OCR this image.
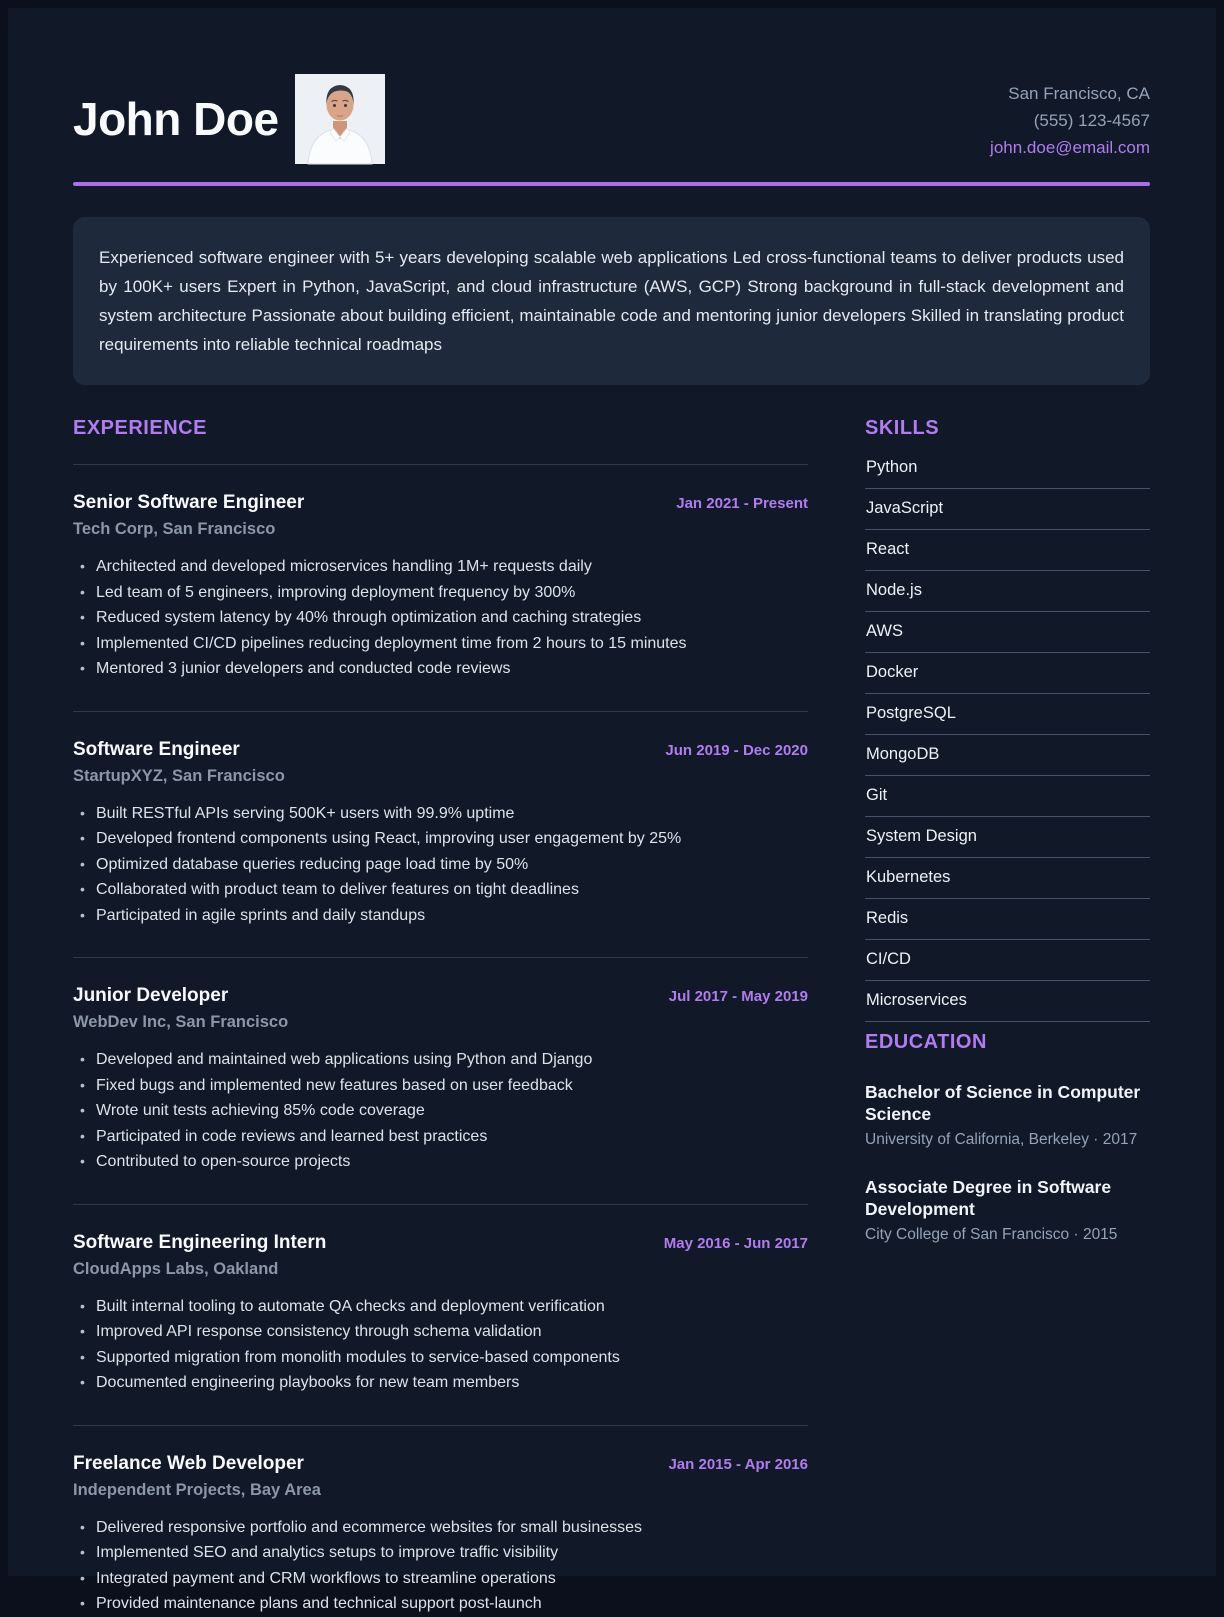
John Doe	San Francisco, CA
(555) 123-4567
john.doe@email.com

Experienced software engineer with 5+ years developing scalable web applications Led cross-functional teams to deliver products used by 100K+ users Expert in Python, JavaScript, and cloud infrastructure (AWS, GCP) Strong background in full-stack development and system architecture Passionate about building efficient, maintainable code and mentoring junior developers Skilled in translating product requirements into reliable technical roadmaps

EXPERIENCE
Senior Software Engineer	Jan 2021 - Present
Tech Corp, San Francisco
• Architected and developed microservices handling 1M+ requests daily
• Led team of 5 engineers, improving deployment frequency by 300%
• Reduced system latency by 40% through optimization and caching strategies
• Implemented CI/CD pipelines reducing deployment time from 2 hours to 15 minutes
• Mentored 3 junior developers and conducted code reviews
Software Engineer	Jun 2019 - Dec 2020
StartupXYZ, San Francisco
• Built RESTful APIs serving 500K+ users with 99.9% uptime
• Developed frontend components using React, improving user engagement by 25%
• Optimized database queries reducing page load time by 50%
• Collaborated with product team to deliver features on tight deadlines
• Participated in agile sprints and daily standups
Junior Developer	Jul 2017 - May 2019
WebDev Inc, San Francisco
• Developed and maintained web applications using Python and Django
• Fixed bugs and implemented new features based on user feedback
• Wrote unit tests achieving 85% code coverage
• Participated in code reviews and learned best practices
• Contributed to open-source projects
Software Engineering Intern	May 2016 - Jun 2017
CloudApps Labs, Oakland
• Built internal tooling to automate QA checks and deployment verification
• Improved API response consistency through schema validation
• Supported migration from monolith modules to service-based components
• Documented engineering playbooks for new team members
Freelance Web Developer	Jan 2015 - Apr 2016
Independent Projects, Bay Area
• Delivered responsive portfolio and ecommerce websites for small businesses
• Implemented SEO and analytics setups to improve traffic visibility
• Integrated payment and CRM workflows to streamline operations
• Provided maintenance plans and technical support post-launch
SKILLS
Python
JavaScript
React
Node.js
AWS
Docker
PostgreSQL
MongoDB
Git
System Design
Kubernetes
Redis
CI/CD
Microservices
EDUCATION
Bachelor of Science in Computer Science
University of California, Berkeley · 2017
Associate Degree in Software Development
City College of San Francisco · 2015
